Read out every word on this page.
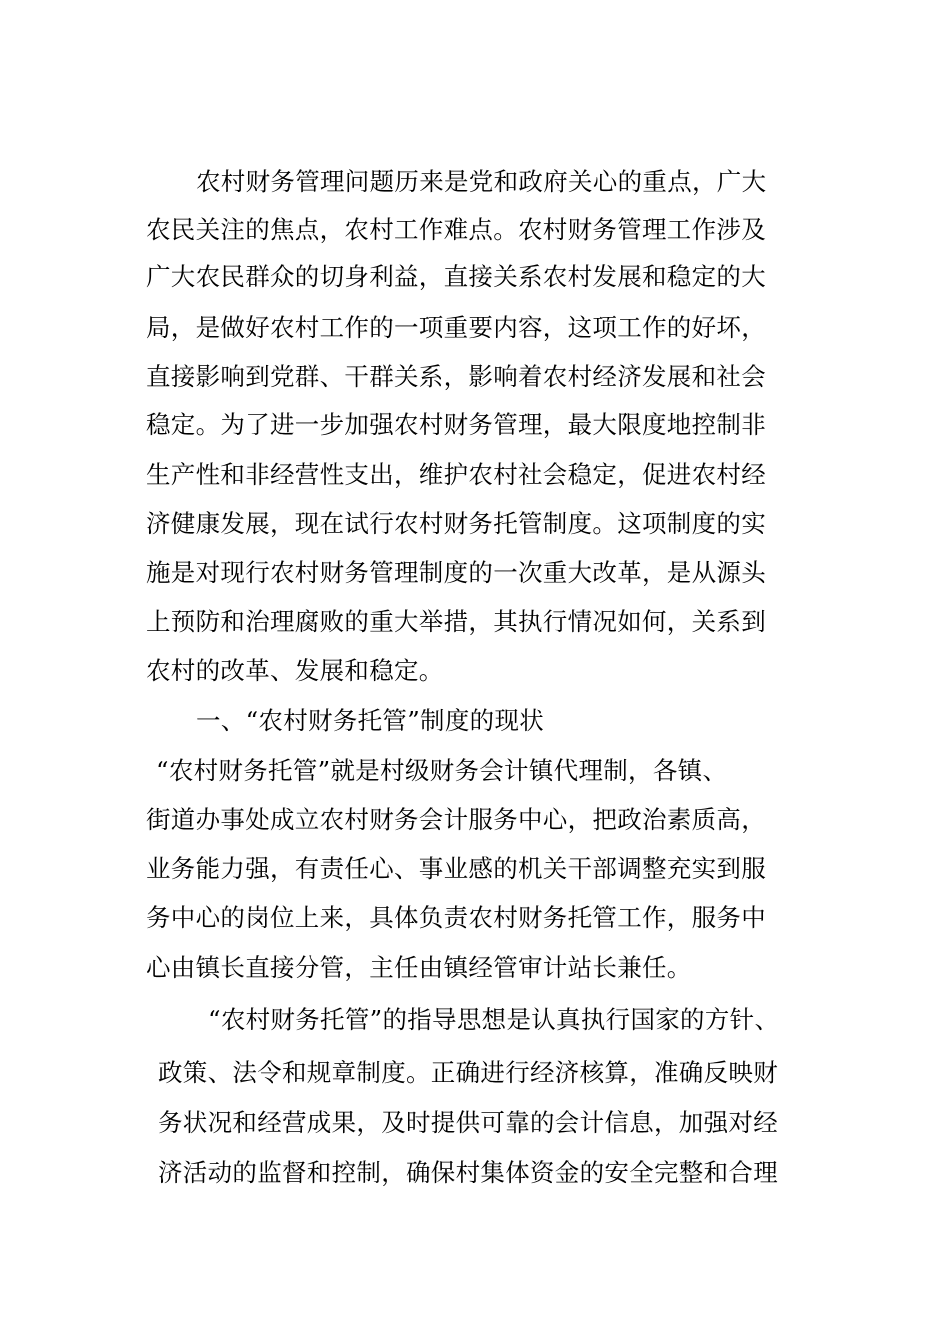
农村财务管理问题历来是党和政府关心的重点，广大
农民关注的焦点，农村工作难点。农村财务管理工作涉及
广大农民群众的切身利益，直接关系农村发展和稳定的大
局，是做好农村工作的一项重要内容，这项工作的好坏，
直接影响到党群、干群关系，影响着农村经济发展和社会
稳定。为了进一步加强农村财务管理，最大限度地控制非
生产性和非经营性支出，维护农村社会稳定，促进农村经
济健康发展，现在试行农村财务托管制度。这项制度的实
施是对现行农村财务管理制度的一次重大改革，是从源头
上预防和治理腐败的重大举措，其执行情况如何，关系到
农村的改革、发展和稳定。
一、“农村财务托管”制度的现状
“农村财务托管”就是村级财务会计镇代理制，各镇、
街道办事处成立农村财务会计服务中心，把政治素质高，
业务能力强，有责任心、事业感的机关干部调整充实到服
务中心的岗位上来，具体负责农村财务托管工作，服务中
心由镇长直接分管，主任由镇经管审计站长兼任。
“农村财务托管”的指导思想是认真执行国家的方针、
政策、法令和规章制度。正确进行经济核算，准确反映财
务状况和经营成果，及时提供可靠的会计信息，加强对经
济活动的监督和控制，确保村集体资金的安全完整和合理
